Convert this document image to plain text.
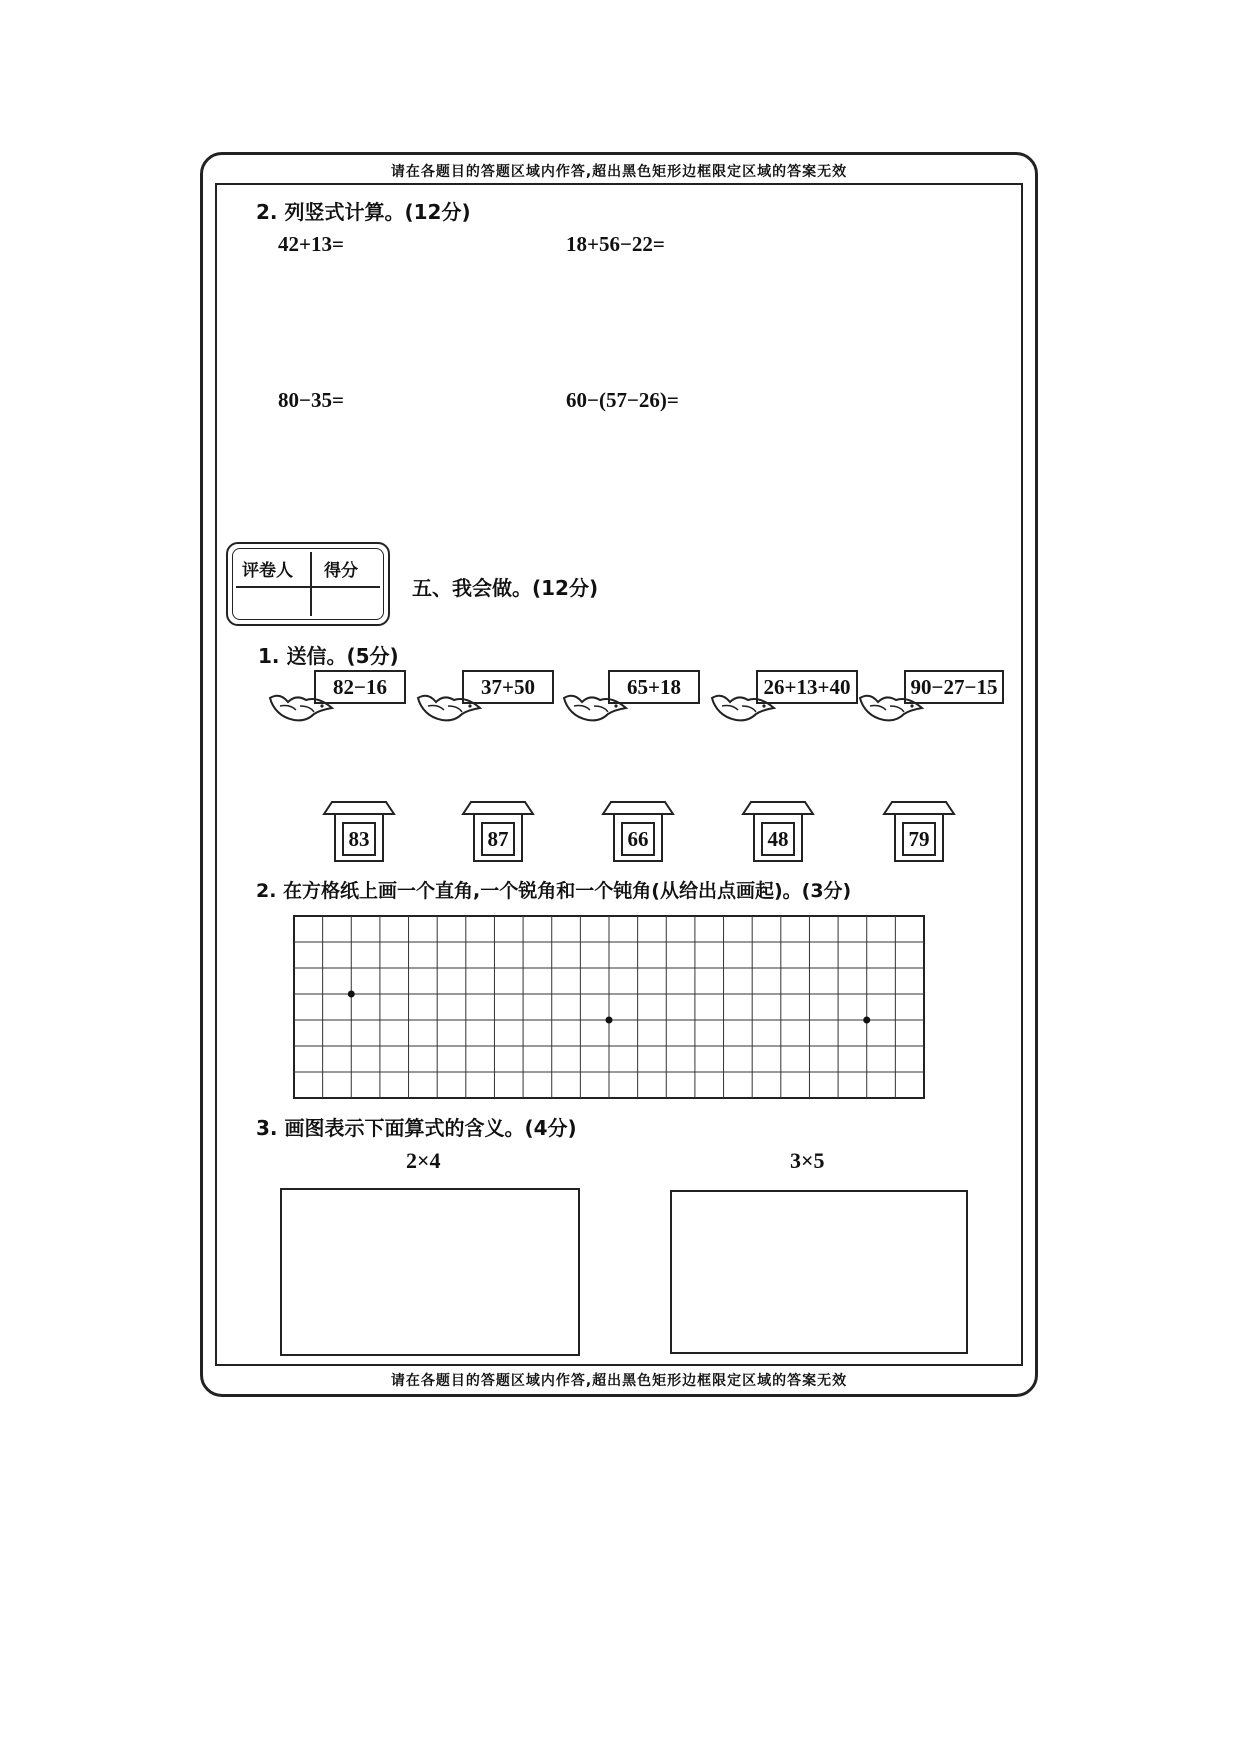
请在各题目的答题区域内作答,超出黑色矩形边框限定区域的答案无效
请在各题目的答题区域内作答,超出黑色矩形边框限定区域的答案无效
2. 列竖式计算。(12分)
42+13=	18+56−22=
80−35=	60−(57−26)=
评卷人 得分
五、我会做。(12分)
1. 送信。(5分)
82−16	37+50	65+18	26+13+40	90−27−15
83	87	66	48	79
2. 在方格纸上画一个直角,一个锐角和一个钝角(从给出点画起)。(3分)
3. 画图表示下面算式的含义。(4分)
2×4	3×5
